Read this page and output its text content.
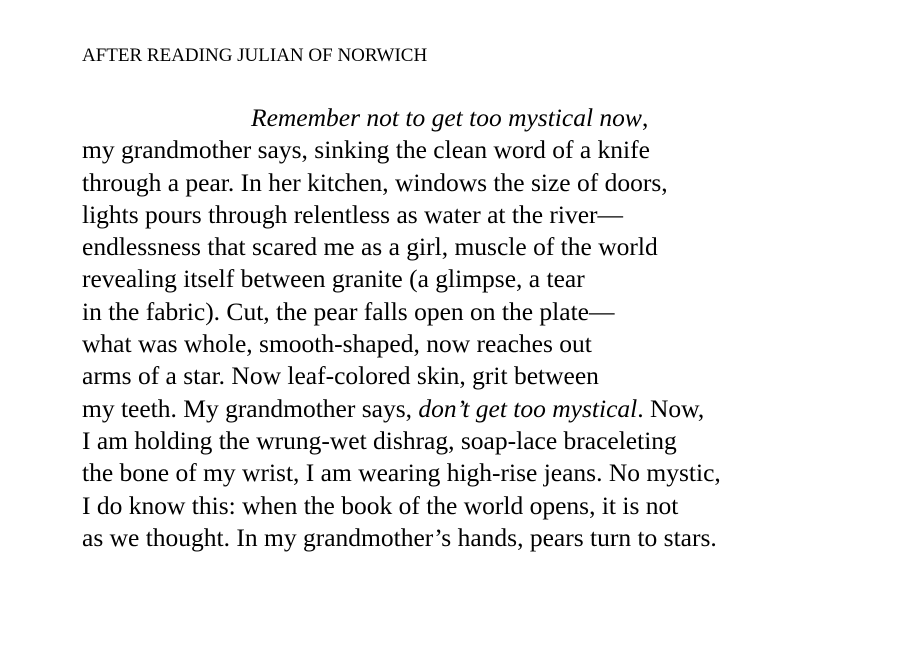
AFTER READING JULIAN OF NORWICH
Remember not to get too mystical now,
my grandmother says, sinking the clean word of a knife
through a pear. In her kitchen, windows the size of doors,
lights pours through relentless as water at the river—
endlessness that scared me as a girl, muscle of the world
revealing itself between granite (a glimpse, a tear
in the fabric). Cut, the pear falls open on the plate—
what was whole, smooth-shaped, now reaches out
arms of a star. Now leaf-colored skin, grit between
my teeth. My grandmother says, don’t get too mystical. Now,
I am holding the wrung-wet dishrag, soap-lace braceleting
the bone of my wrist, I am wearing high-rise jeans. No mystic,
I do know this: when the book of the world opens, it is not
as we thought. In my grandmother’s hands, pears turn to stars.
